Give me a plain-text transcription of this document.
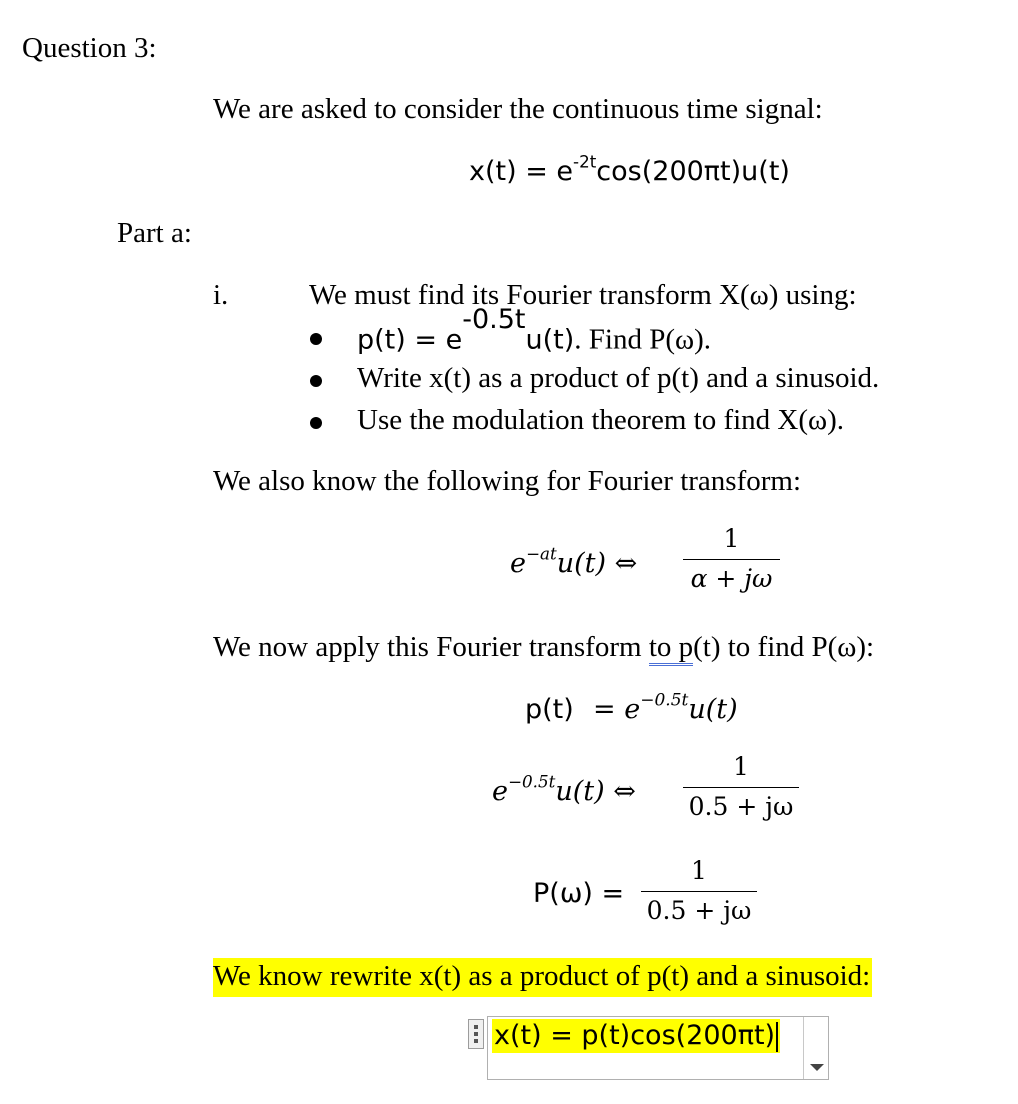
Question 3:
We are asked to consider the continuous time signal:
$x(t) = e^{-2t}\cos(200\pi t)u(t)$
Part a:
i.	We must find its Fourier transform X(ω) using:
$p(t) = e^{-0.5t}u(t)$. Find P(ω).
Write x(t) as a product of p(t) and a sinusoid.
Use the modulation theorem to find X(ω).
We also know the following for Fourier transform:
$e^{-at}u(t)$ ⇔
1
α + jω
We now apply this Fourier transform to p(t) to find P(ω):
$p(t) = e^{-0.5t}u(t)$
$e^{-0.5t}u(t)$ ⇔
1
0.5 + jω
P(ω) =
1
0.5 + jω
We know rewrite x(t) as a product of p(t) and a sinusoid:
x(t) = p(t)cos(200πt)
